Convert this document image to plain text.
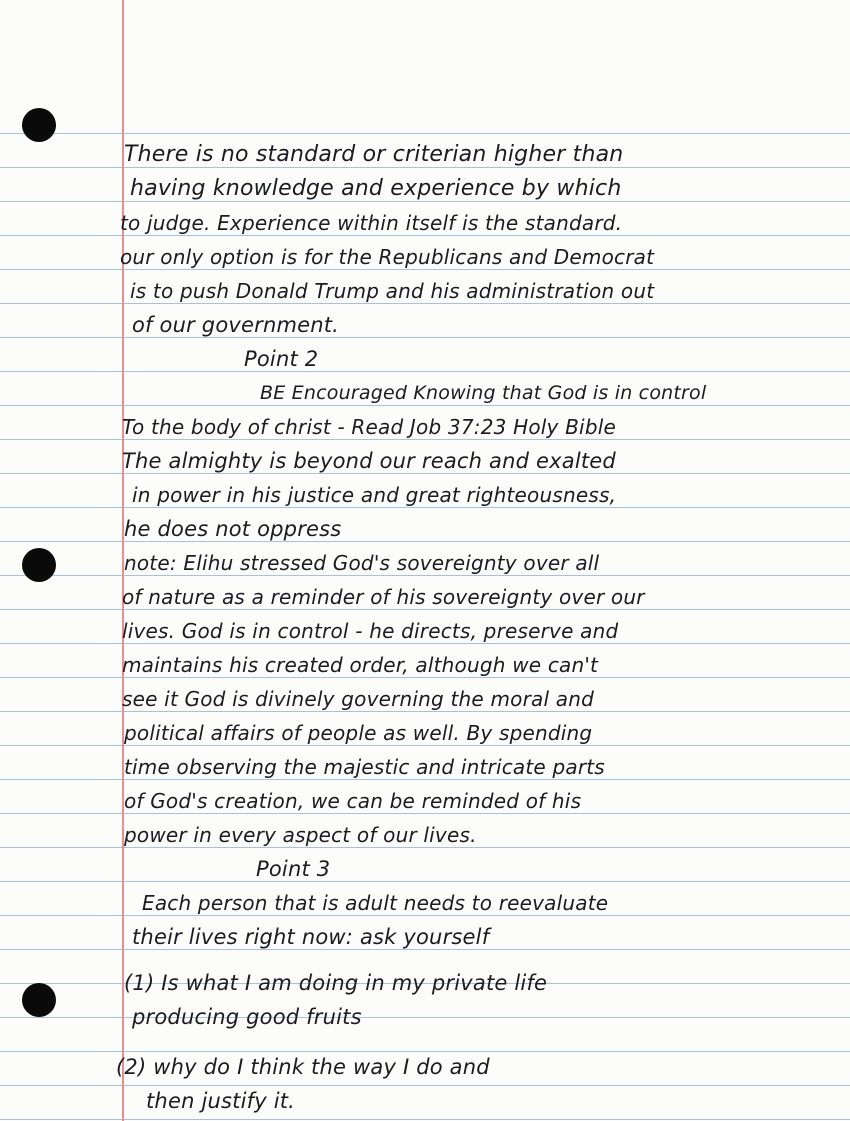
There is no standard or criterian higher than
having knowledge and experience by which
to judge. Experience within itself is the standard.
our only option is for the Republicans and Democrat
is to push Donald Trump and his administration out
of our government.
Point 2
BE Encouraged Knowing that God is in control
To the body of christ - Read Job 37:23 Holy Bible
The almighty is beyond our reach and exalted
in power in his justice and great righteousness,
he does not oppress
note: Elihu stressed God's sovereignty over all
of nature as a reminder of his sovereignty over our
lives. God is in control - he directs, preserve and
maintains his created order, although we can't
see it God is divinely governing the moral and
political affairs of people as well. By spending
time observing the majestic and intricate parts
of God's creation, we can be reminded of his
power in every aspect of our lives.
Point 3
Each person that is adult needs to reevaluate
their lives right now: ask yourself
(1) Is what I am doing in my private life
producing good fruits
(2) why do I think the way I do and
then justify it.
